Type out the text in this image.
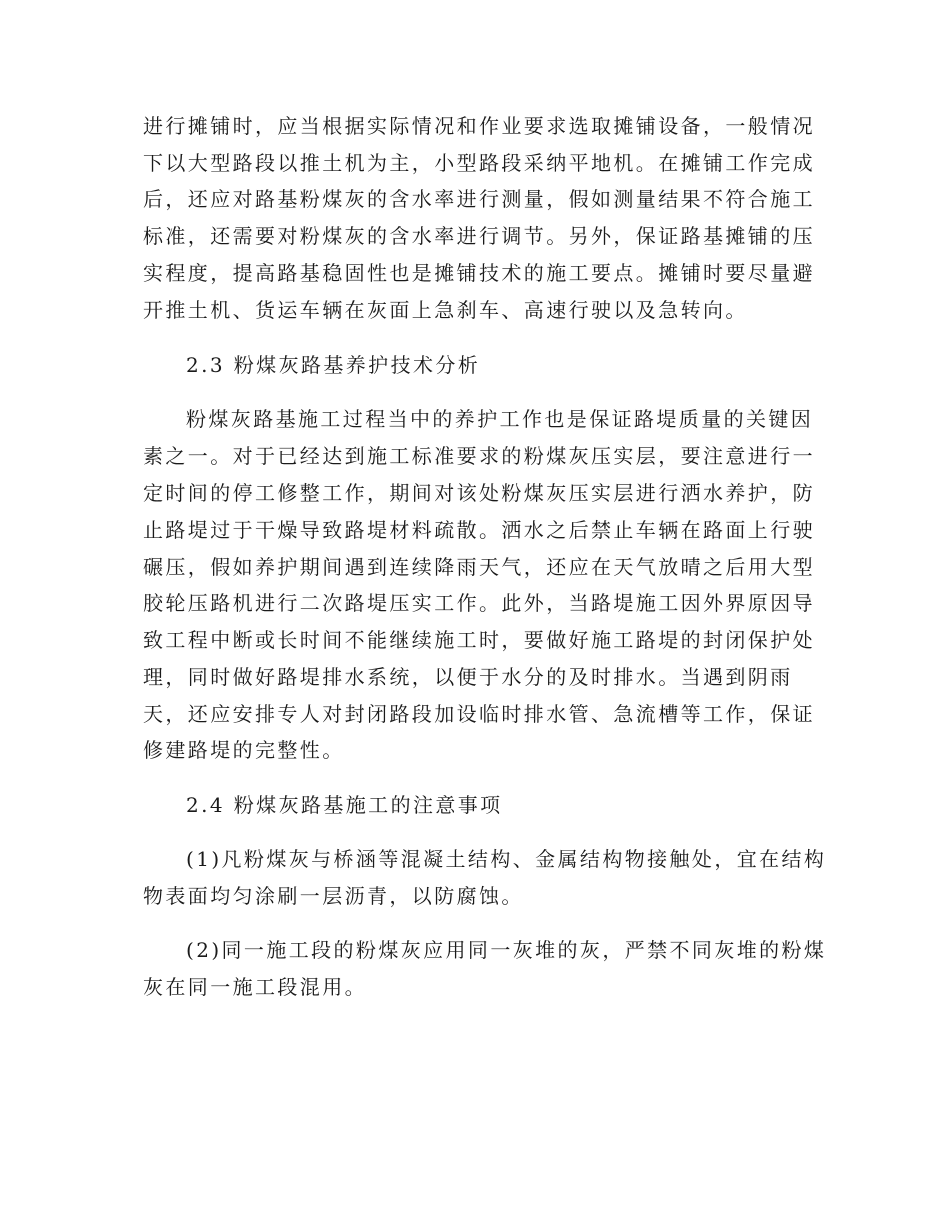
进行摊铺时，应当根据实际情况和作业要求选取摊铺设备，一般情况
下以大型路段以推土机为主，小型路段采纳平地机。在摊铺工作完成
后，还应对路基粉煤灰的含水率进行测量，假如测量结果不符合施工
标准，还需要对粉煤灰的含水率进行调节。另外，保证路基摊铺的压
实程度，提高路基稳固性也是摊铺技术的施工要点。摊铺时要尽量避
开推土机、货运车辆在灰面上急刹车、高速行驶以及急转向。
2.3 粉煤灰路基养护技术分析
粉煤灰路基施工过程当中的养护工作也是保证路堤质量的关键因
素之一。对于已经达到施工标准要求的粉煤灰压实层，要注意进行一
定时间的停工修整工作，期间对该处粉煤灰压实层进行洒水养护，防
止路堤过于干燥导致路堤材料疏散。洒水之后禁止车辆在路面上行驶
碾压，假如养护期间遇到连续降雨天气，还应在天气放晴之后用大型
胶轮压路机进行二次路堤压实工作。此外，当路堤施工因外界原因导
致工程中断或长时间不能继续施工时，要做好施工路堤的封闭保护处
理，同时做好路堤排水系统，以便于水分的及时排水。当遇到阴雨
天，还应安排专人对封闭路段加设临时排水管、急流槽等工作，保证
修建路堤的完整性。
2.4 粉煤灰路基施工的注意事项
(1)凡粉煤灰与桥涵等混凝土结构、金属结构物接触处，宜在结构
物表面均匀涂刷一层沥青，以防腐蚀。
(2)同一施工段的粉煤灰应用同一灰堆的灰，严禁不同灰堆的粉煤
灰在同一施工段混用。
